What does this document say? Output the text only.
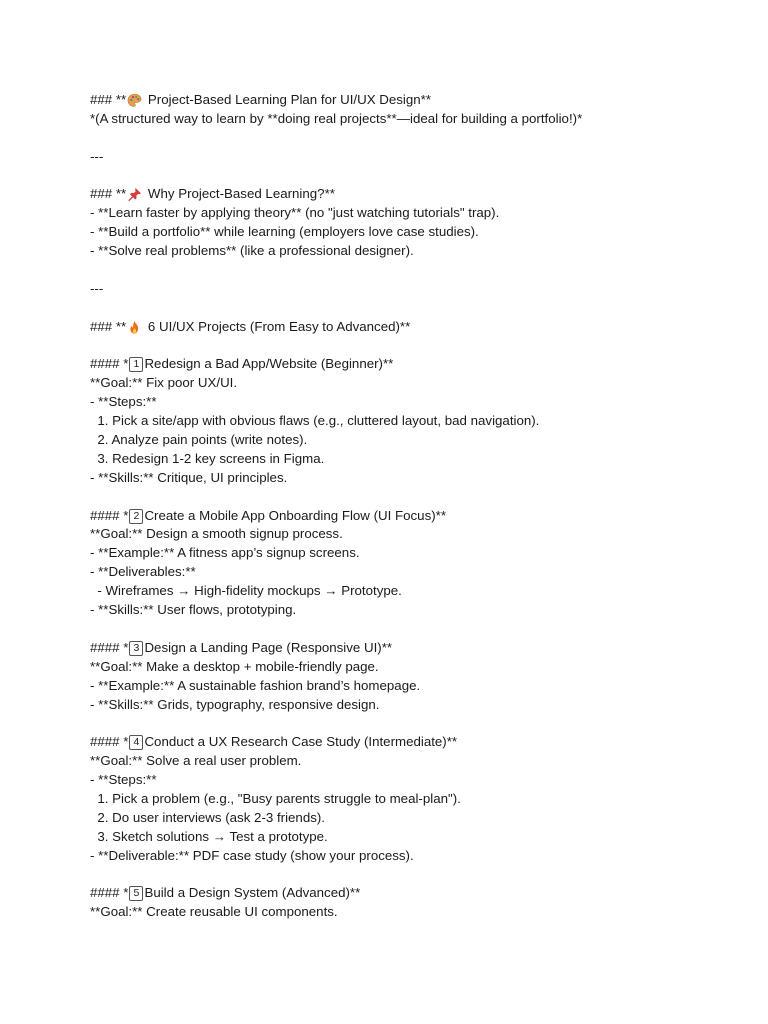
### ** Project-Based Learning Plan for UI/UX Design**
*(A structured way to learn by **doing real projects**—ideal for building a portfolio!)*
---
### ** Why Project-Based Learning?**
- **Learn faster by applying theory** (no "just watching tutorials" trap).
- **Build a portfolio** while learning (employers love case studies).
- **Solve real problems** (like a professional designer).
---
### ** 6 UI/UX Projects (From Easy to Advanced)**
#### * 1 Redesign a Bad App/Website (Beginner)**
**Goal:** Fix poor UX/UI.
- **Steps:**
1. Pick a site/app with obvious flaws (e.g., cluttered layout, bad navigation).
2. Analyze pain points (write notes).
3. Redesign 1-2 key screens in Figma.
- **Skills:** Critique, UI principles.
#### * 2 Create a Mobile App Onboarding Flow (UI Focus)**
**Goal:** Design a smooth signup process.
- **Example:** A fitness app’s signup screens.
- **Deliverables:**
- Wireframes → High-fidelity mockups → Prototype.
- **Skills:** User flows, prototyping.
#### * 3 Design a Landing Page (Responsive UI)**
**Goal:** Make a desktop + mobile-friendly page.
- **Example:** A sustainable fashion brand’s homepage.
- **Skills:** Grids, typography, responsive design.
#### * 4 Conduct a UX Research Case Study (Intermediate)**
**Goal:** Solve a real user problem.
- **Steps:**
1. Pick a problem (e.g., "Busy parents struggle to meal-plan").
2. Do user interviews (ask 2-3 friends).
3. Sketch solutions → Test a prototype.
- **Deliverable:** PDF case study (show your process).
#### * 5 Build a Design System (Advanced)**
**Goal:** Create reusable UI components.
